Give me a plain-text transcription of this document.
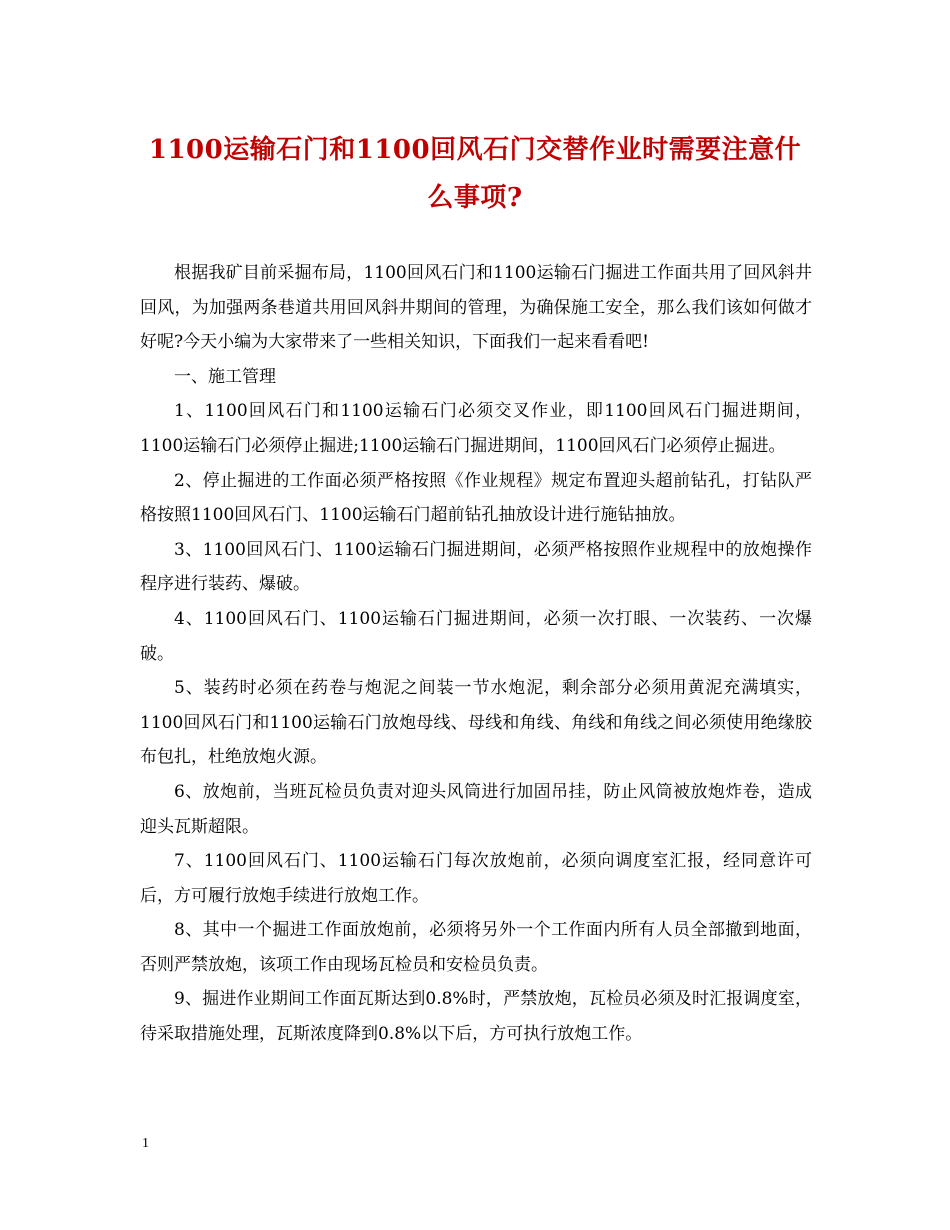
1100运输石门和1100回风石门交替作业时需要注意什么事项?

根据我矿目前采掘布局，1100回风石门和1100运输石门掘进工作面共用了回风斜井回风，为加强两条巷道共用回风斜井期间的管理，为确保施工安全，那么我们该如何做才好呢?今天小编为大家带来了一些相关知识，下面我们一起来看看吧!

一、施工管理

1、1100回风石门和1100运输石门必须交叉作业，即1100回风石门掘进期间，1100运输石门必须停止掘进;1100运输石门掘进期间，1100回风石门必须停止掘进。

2、停止掘进的工作面必须严格按照《作业规程》规定布置迎头超前钻孔，打钻队严格按照1100回风石门、1100运输石门超前钻孔抽放设计进行施钻抽放。

3、1100回风石门、1100运输石门掘进期间，必须严格按照作业规程中的放炮操作程序进行装药、爆破。

4、1100回风石门、1100运输石门掘进期间，必须一次打眼、一次装药、一次爆破。

5、装药时必须在药卷与炮泥之间装一节水炮泥，剩余部分必须用黄泥充满填实，1100回风石门和1100运输石门放炮母线、母线和角线、角线和角线之间必须使用绝缘胶布包扎，杜绝放炮火源。

6、放炮前，当班瓦检员负责对迎头风筒进行加固吊挂，防止风筒被放炮炸卷，造成迎头瓦斯超限。

7、1100回风石门、1100运输石门每次放炮前，必须向调度室汇报，经同意许可后，方可履行放炮手续进行放炮工作。

8、其中一个掘进工作面放炮前，必须将另外一个工作面内所有人员全部撤到地面，否则严禁放炮，该项工作由现场瓦检员和安检员负责。

9、掘进作业期间工作面瓦斯达到0.8%时，严禁放炮，瓦检员必须及时汇报调度室，待采取措施处理，瓦斯浓度降到0.8%以下后，方可执行放炮工作。

1
